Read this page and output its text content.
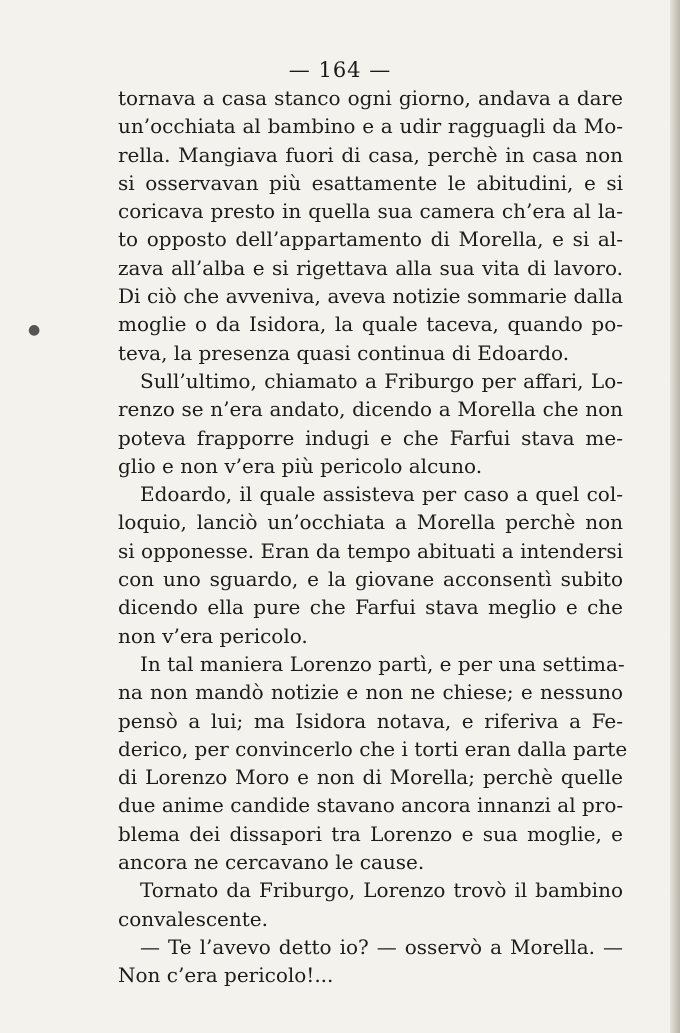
— 164 —
tornava a casa stanco ogni giorno, andava a dare
un’occhiata al bambino e a udir ragguagli da Mo-
rella. Mangiava fuori di casa, perchè in casa non
si osservavan più esattamente le abitudini, e si
coricava presto in quella sua camera ch’era al la-
to opposto dell’appartamento di Morella, e si al-
zava all’alba e si rigettava alla sua vita di lavoro.
Di ciò che avveniva, aveva notizie sommarie dalla
moglie o da Isidora, la quale taceva, quando po-
teva, la presenza quasi continua di Edoardo.
Sull’ultimo, chiamato a Friburgo per affari, Lo-
renzo se n’era andato, dicendo a Morella che non
poteva frapporre indugi e che Farfui stava me-
glio e non v’era più pericolo alcuno.
Edoardo, il quale assisteva per caso a quel col-
loquio, lanciò un’occhiata a Morella perchè non
si opponesse. Eran da tempo abituati a intendersi
con uno sguardo, e la giovane acconsentì subito
dicendo ella pure che Farfui stava meglio e che
non v’era pericolo.
In tal maniera Lorenzo partì, e per una settima-
na non mandò notizie e non ne chiese; e nessuno
pensò a lui; ma Isidora notava, e riferiva a Fe-
derico, per convincerlo che i torti eran dalla parte
di Lorenzo Moro e non di Morella; perchè quelle
due anime candide stavano ancora innanzi al pro-
blema dei dissapori tra Lorenzo e sua moglie, e
ancora ne cercavano le cause.
Tornato da Friburgo, Lorenzo trovò il bambino
convalescente.
— Te l’avevo detto io? — osservò a Morella. —
Non c’era pericolo!...
●
